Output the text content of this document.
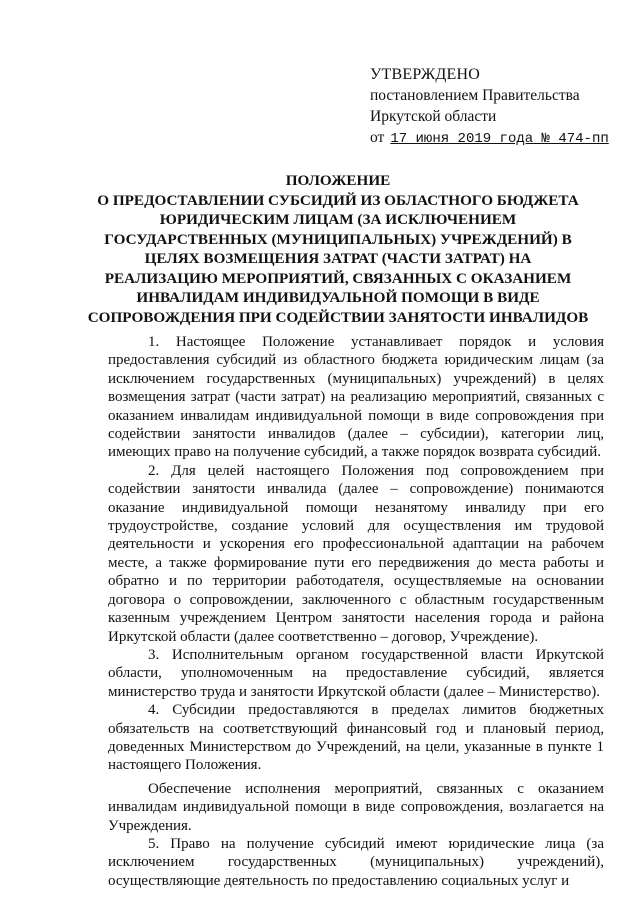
УТВЕРЖДЕНО
постановлением Правительства
Иркутской области
от 17 июня 2019 года № 474-пп
ПОЛОЖЕНИЕ
О ПРЕДОСТАВЛЕНИИ СУБСИДИЙ ИЗ ОБЛАСТНОГО БЮДЖЕТА
ЮРИДИЧЕСКИМ ЛИЦАМ (ЗА ИСКЛЮЧЕНИЕМ
ГОСУДАРСТВЕННЫХ (МУНИЦИПАЛЬНЫХ) УЧРЕЖДЕНИЙ) В
ЦЕЛЯХ ВОЗМЕЩЕНИЯ ЗАТРАТ (ЧАСТИ ЗАТРАТ) НА
РЕАЛИЗАЦИЮ МЕРОПРИЯТИЙ, СВЯЗАННЫХ С ОКАЗАНИЕМ
ИНВАЛИДАМ ИНДИВИДУАЛЬНОЙ ПОМОЩИ В ВИДЕ
СОПРОВОЖДЕНИЯ ПРИ СОДЕЙСТВИИ ЗАНЯТОСТИ ИНВАЛИДОВ

1. Настоящее Положение устанавливает порядок и условия предоставления субсидий из областного бюджета юридическим лицам (за исключением государственных (муниципальных) учреждений) в целях возмещения затрат (части затрат) на реализацию мероприятий, связанных с оказанием инвалидам индивидуальной помощи в виде сопровождения при содействии занятости инвалидов (далее – субсидии), категории лиц, имеющих право на получение субсидий, а также порядок возврата субсидий.

2. Для целей настоящего Положения под сопровождением при содействии занятости инвалида (далее – сопровождение) понимаются оказание индивидуальной помощи незанятому инвалиду при его трудоустройстве, создание условий для осуществления им трудовой деятельности и ускорения его профессиональной адаптации на рабочем месте, а также формирование пути его передвижения до места работы и обратно и по территории работодателя, осуществляемые на основании договора о сопровождении, заключенного с областным государственным казенным учреждением Центром занятости населения города и района Иркутской области (далее соответственно – договор, Учреждение).

3. Исполнительным органом государственной власти Иркутской области, уполномоченным на предоставление субсидий, является министерство труда и занятости Иркутской области (далее – Министерство).

4. Субсидии предоставляются в пределах лимитов бюджетных обязательств на соответствующий финансовый год и плановый период, доведенных Министерством до Учреждений, на цели, указанные в пункте 1 настоящего Положения.

Обеспечение исполнения мероприятий, связанных с оказанием инвалидам индивидуальной помощи в виде сопровождения, возлагается на Учреждения.

5. Право на получение субсидий имеют юридические лица (за исключением государственных (муниципальных) учреждений), осуществляющие деятельность по предоставлению социальных услуг и
